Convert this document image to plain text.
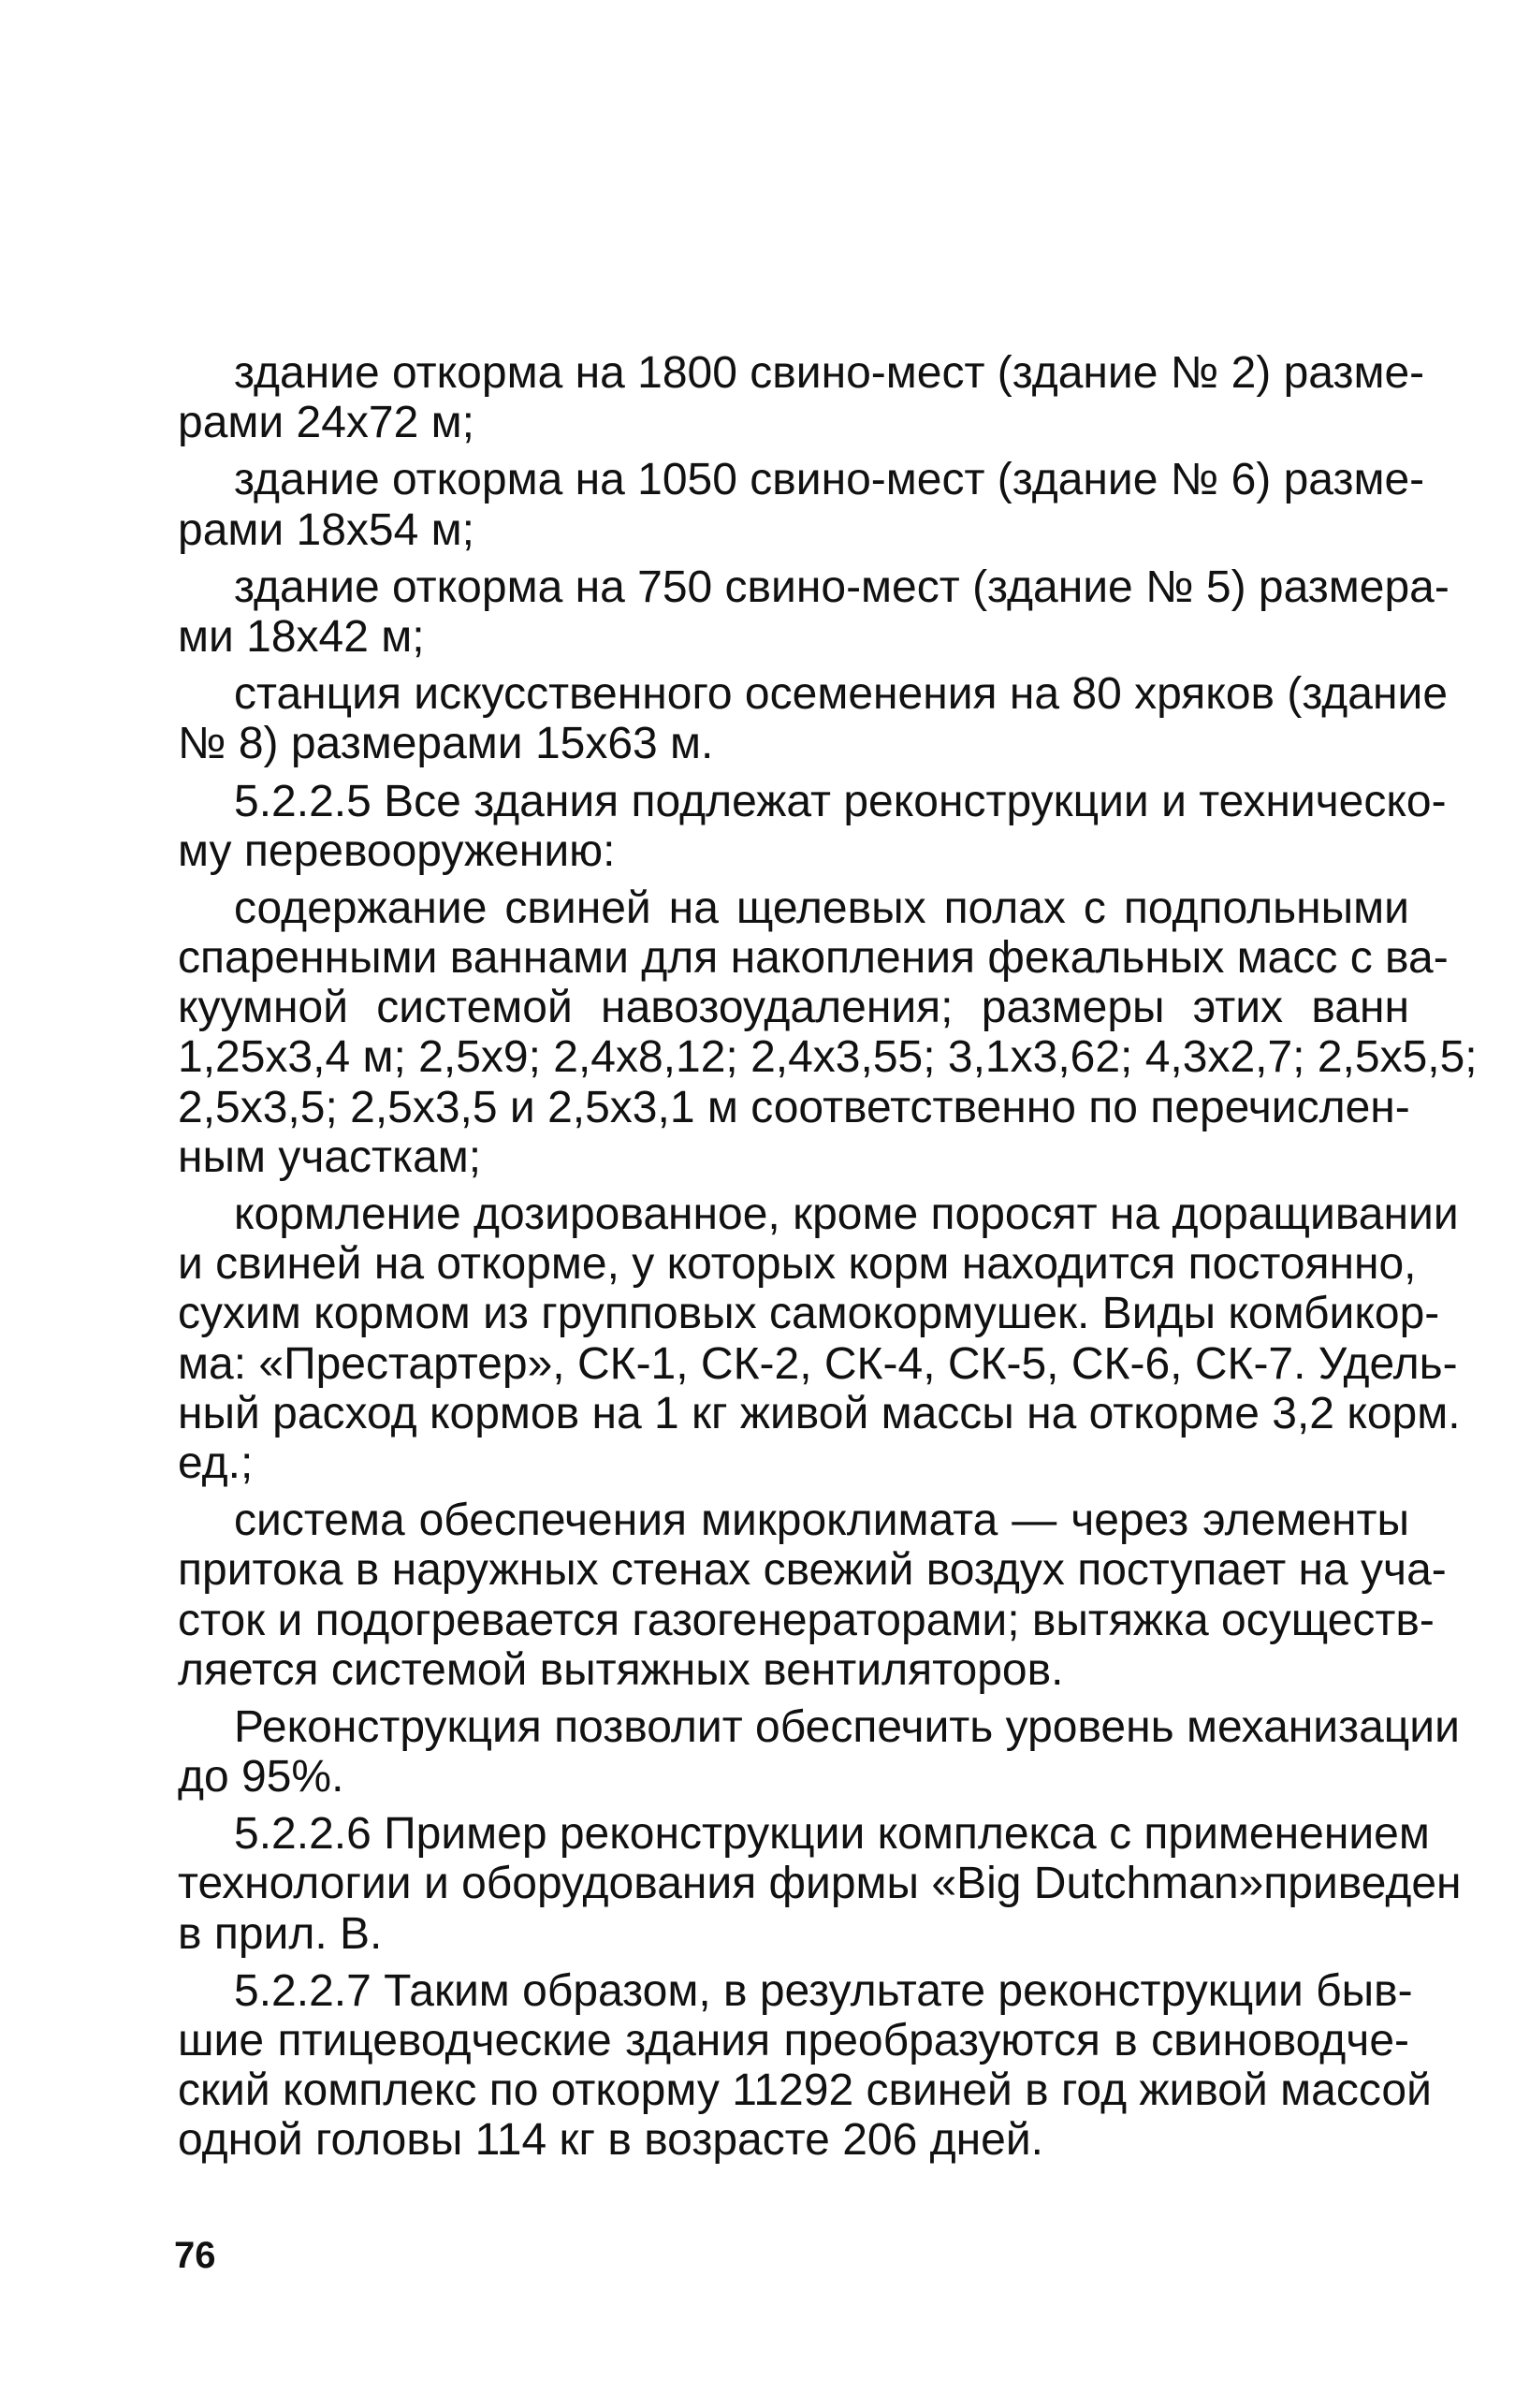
здание откорма на 1800 свино-мест (здание № 2) разме-
рами 24х72 м;
здание откорма на 1050 свино-мест (здание № 6) разме-
рами 18х54 м;
здание откорма на 750 свино-мест (здание № 5) размера-
ми 18х42 м;
станция искусственного осеменения на 80 хряков (здание
№ 8) размерами 15х63 м.
5.2.2.5 Все здания подлежат реконструкции и техническо-
му перевооружению:
содержание свиней на щелевых полах с подпольными
спаренными ваннами для накопления фекальных масс с ва-
куумной системой навозоудаления; размеры этих ванн
1,25х3,4 м; 2,5х9; 2,4х8,12; 2,4х3,55; 3,1х3,62; 4,3х2,7; 2,5х5,5;
2,5х3,5; 2,5х3,5 и 2,5х3,1 м соответственно по перечислен-
ным участкам;
кормление дозированное, кроме поросят на доращивании
и свиней на откорме, у которых корм находится постоянно,
сухим кормом из групповых самокормушек. Виды комбикор-
ма: «Престартер», СК-1, СК-2, СК-4, СК-5, СК-6, СК-7. Удель-
ный расход кормов на 1 кг живой массы на откорме 3,2 корм.
ед.;
система обеспечения микроклимата — через элементы
притока в наружных стенах свежий воздух поступает на уча-
сток и подогревается газогенераторами; вытяжка осуществ-
ляется системой вытяжных вентиляторов.
Реконструкция позволит обеспечить уровень механизации
до 95%.
5.2.2.6 Пример реконструкции комплекса с применением
технологии и оборудования фирмы «Big Dutchman»приведен
в прил. В.
5.2.2.7 Таким образом, в результате реконструкции быв-
шие птицеводческие здания преобразуются в свиноводче-
ский комплекс по откорму 11292 свиней в год живой массой
одной головы 114 кг в возрасте 206 дней.
76
